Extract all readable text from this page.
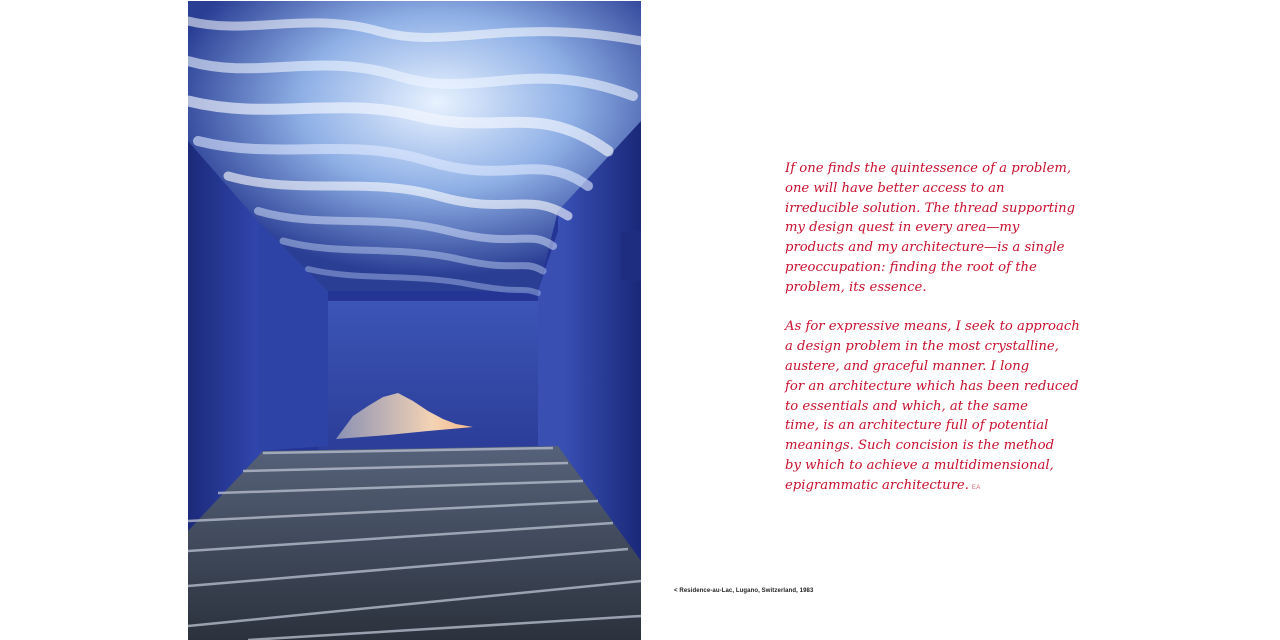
< Residence-au-Lac, Lugano, Switzerland, 1983
If one finds the quintessence of a problem,
one will have better access to an
irreducible solution. The thread supporting
my design quest in every area—my
products and my architecture—is a single
preoccupation: finding the root of the
problem, its essence.
As for expressive means, I seek to approach
a design problem in the most crystalline,
austere, and graceful manner. I long
for an architecture which has been reduced
to essentials and which, at the same
time, is an architecture full of potential
meanings. Such concision is the method
by which to achieve a multidimensional,
epigrammatic architecture. EA
